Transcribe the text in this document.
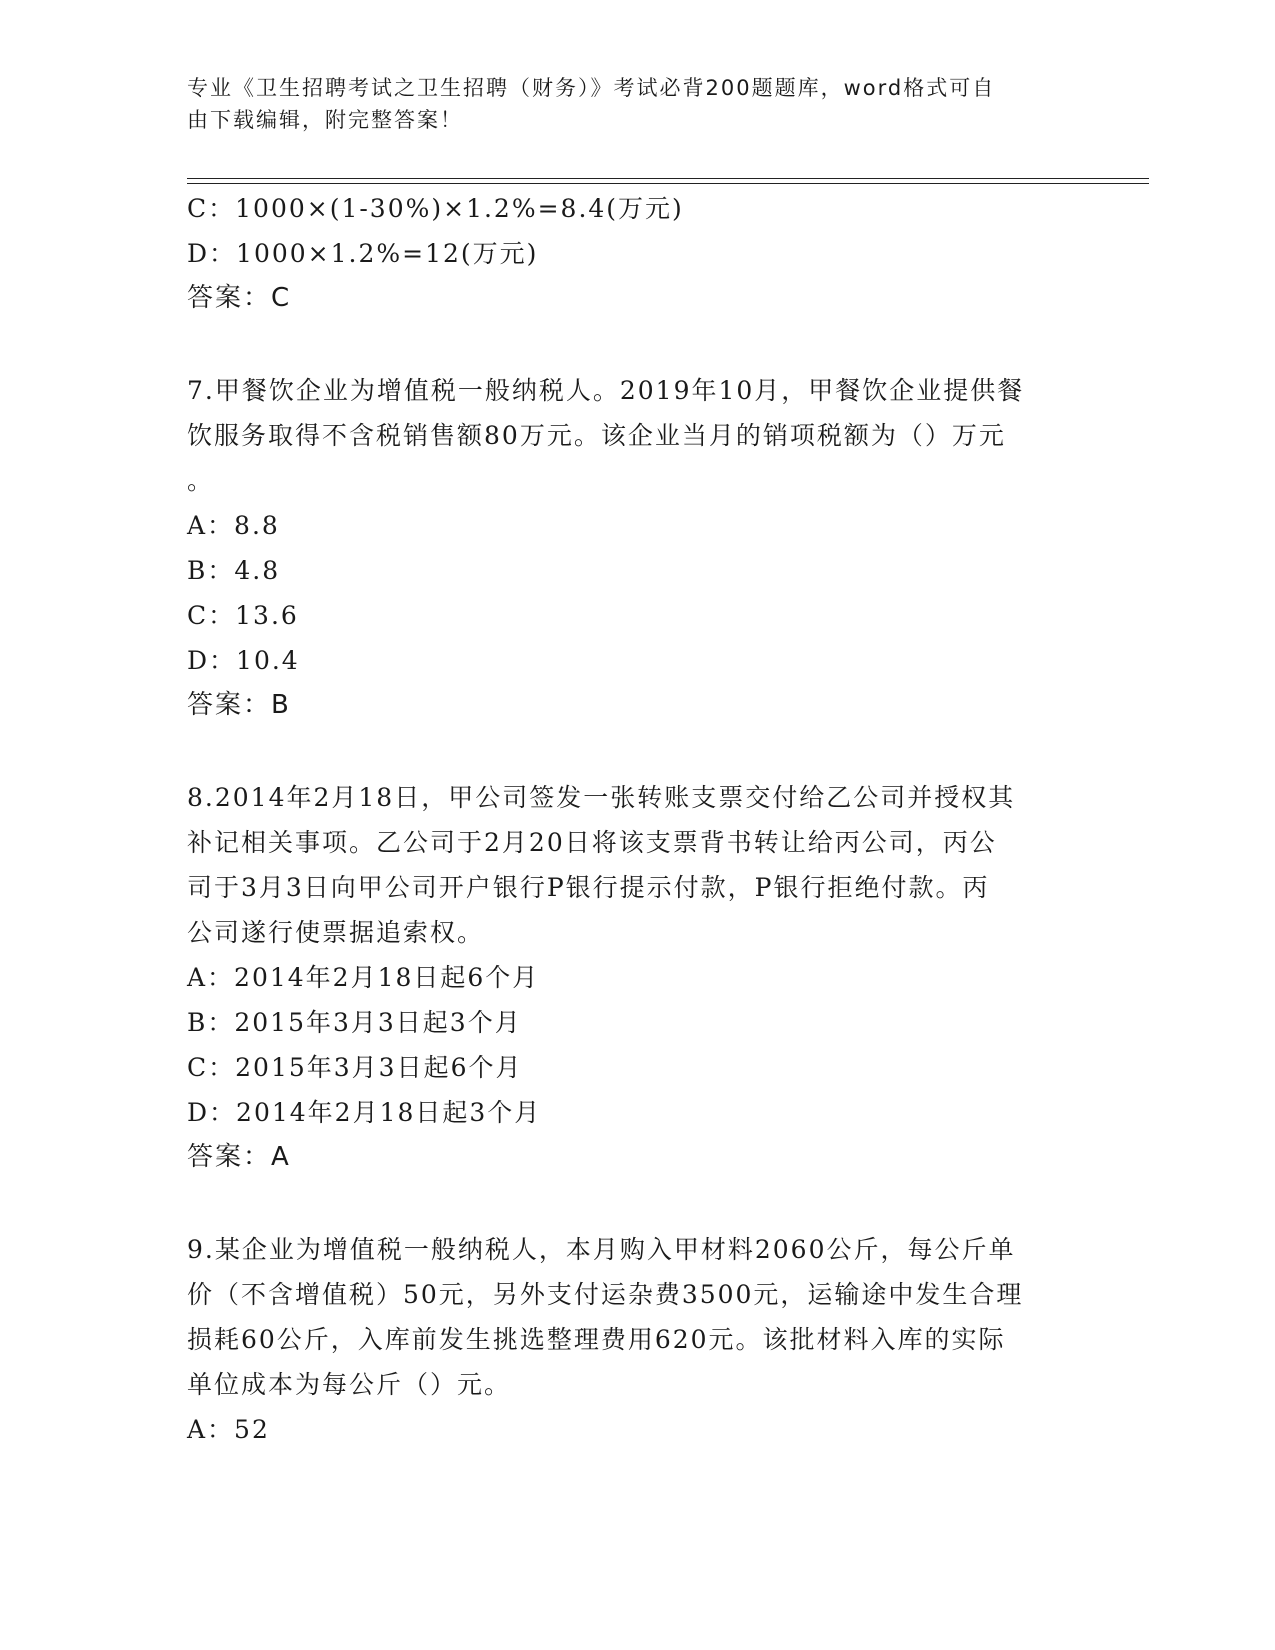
专业《卫生招聘考试之卫生招聘（财务）》考试必背200题题库，word格式可自
由下载编辑，附完整答案！
C：1000×(1-30%)×1.2%=8.4(万元)
D：1000×1.2%=12(万元)
答案：C
7.甲餐饮企业为增值税一般纳税人。2019年10月，甲餐饮企业提供餐
饮服务取得不含税销售额80万元。该企业当月的销项税额为（）万元
。
A：8.8
B：4.8
C：13.6
D：10.4
答案：B
8.2014年2月18日，甲公司签发一张转账支票交付给乙公司并授权其
补记相关事项。乙公司于2月20日将该支票背书转让给丙公司，丙公
司于3月3日向甲公司开户银行P银行提示付款，P银行拒绝付款。丙
公司遂行使票据追索权。
A：2014年2月18日起6个月
B：2015年3月3日起3个月
C：2015年3月3日起6个月
D：2014年2月18日起3个月
答案：A
9.某企业为增值税一般纳税人，本月购入甲材料2060公斤，每公斤单
价（不含增值税）50元，另外支付运杂费3500元，运输途中发生合理
损耗60公斤，入库前发生挑选整理费用620元。该批材料入库的实际
单位成本为每公斤（）元。
A：52
